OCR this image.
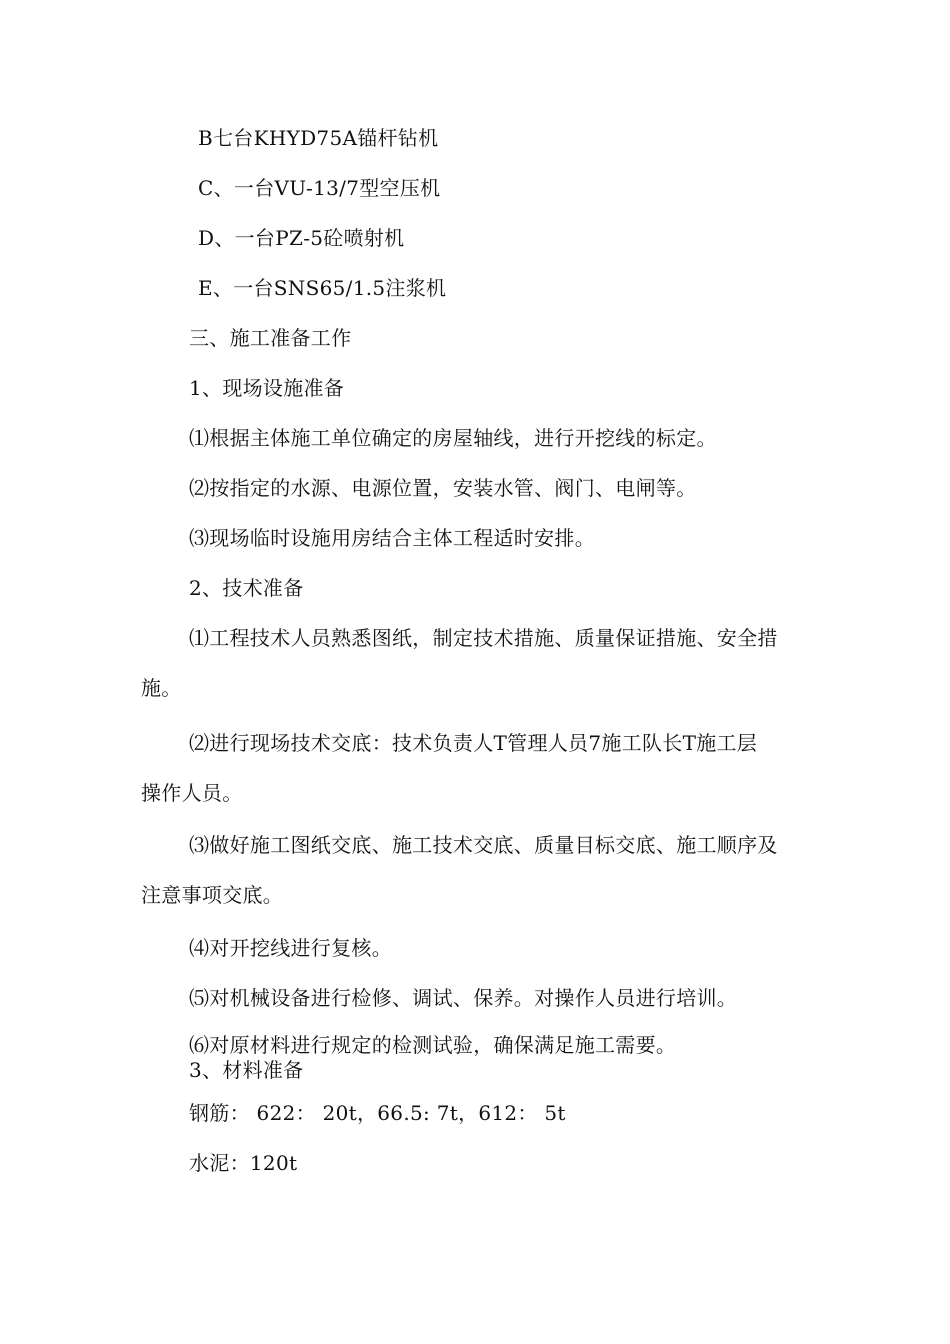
B七台KHYD75A锚杆钻机
C、一台VU-13/7型空压机
D、一台PZ-5砼喷射机
E、一台SNS65/1.5注浆机
三、施工准备工作
1、现场设施准备
⑴根据主体施工单位确定的房屋轴线，进行开挖线的标定。
⑵按指定的水源、电源位置，安装水管、阀门、电闸等。
⑶现场临时设施用房结合主体工程适时安排。
2、技术准备
⑴工程技术人员熟悉图纸，制定技术措施、质量保证措施、安全措
施。
⑵进行现场技术交底：技术负责人T管理人员7施工队长T施工层
操作人员。
⑶做好施工图纸交底、施工技术交底、质量目标交底、施工顺序及
注意事项交底。
⑷对开挖线进行复核。
⑸对机械设备进行检修、调试、保养。对操作人员进行培训。
⑹对原材料进行规定的检测试验，确保满足施工需要。
3、材料准备
钢筋： 622： 20t，66.5: 7t，612： 5t
水泥：120t
